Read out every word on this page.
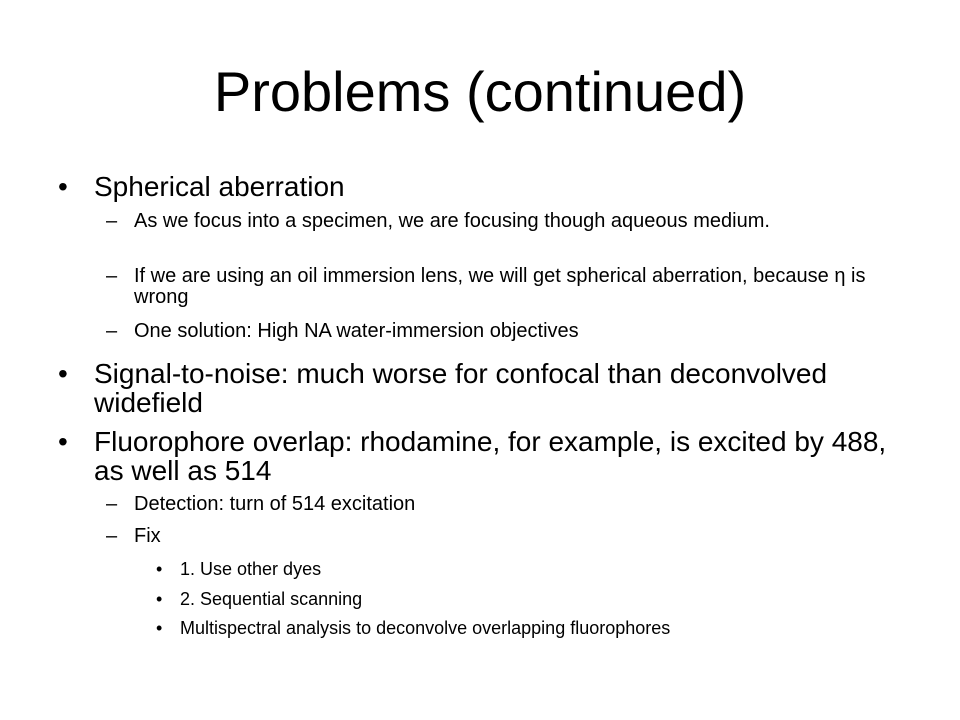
Problems (continued)
• Spherical aberration
– As we focus into a specimen, we are focusing though aqueous medium.
– If we are using an oil immersion lens, we will get spherical aberration, because η is wrong
– One solution: High NA water-immersion objectives
• Signal-to-noise: much worse for confocal than deconvolved widefield
• Fluorophore overlap: rhodamine, for example, is excited by 488, as well as 514
– Detection: turn of 514 excitation
– Fix
• 1. Use other dyes
• 2. Sequential scanning
• Multispectral analysis to deconvolve overlapping fluorophores
